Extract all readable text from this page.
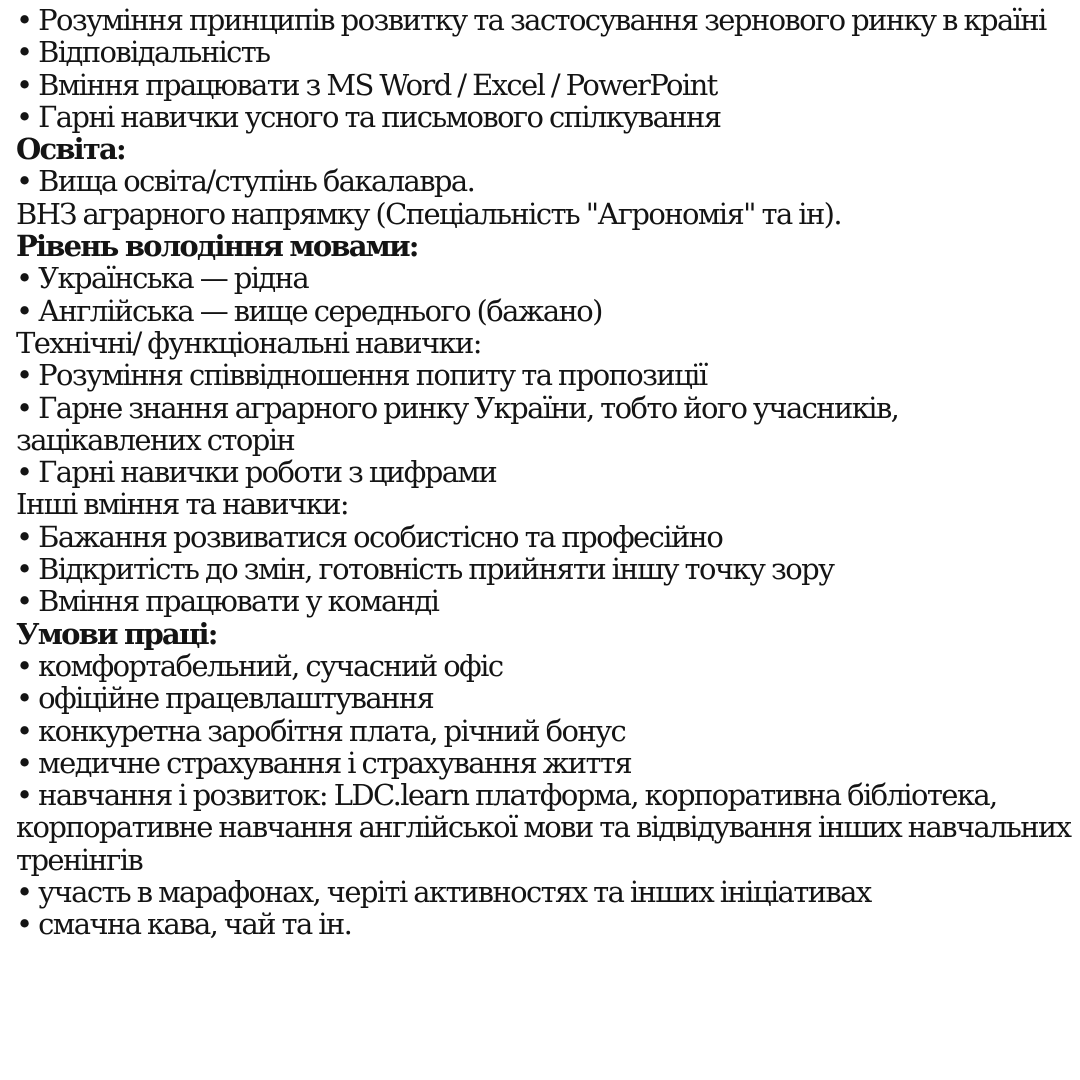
• Розуміння принципів розвитку та застосування зернового ринку в країні
• Відповідальність
• Вміння працювати з MS Word / Excel / PowerPoint
• Гарні навички усного та письмового спілкування
Освіта:
• Вища освіта/ступінь бакалавра.
ВНЗ аграрного напрямку (Спеціальність "Агрономія" та ін).
Рівень володіння мовами:
• Українська — рідна
• Англійська — вище середнього (бажано)
Технічні/ функціональні навички:
• Розуміння співвідношення попиту та пропозиції
• Гарне знання аграрного ринку України, тобто його учасників, зацікавлених сторін
• Гарні навички роботи з цифрами
Інші вміння та навички:
• Бажання розвиватися особистісно та професійно
• Відкритість до змін, готовність прийняти іншу точку зору
• Вміння працювати у команді
Умови праці:
• комфортабельний, сучасний офіс
• офіційне працевлаштування
• конкуретна заробітня плата, річний бонус
• медичне страхування і страхування життя
• навчання і розвиток: LDC.learn платформа, корпоративна бібліотека, корпоративне навчання англійської мови та відвідування інших навчальних тренінгів
• участь в марафонах, черіті активностях та інших ініціативах
• смачна кава, чай та ін.
